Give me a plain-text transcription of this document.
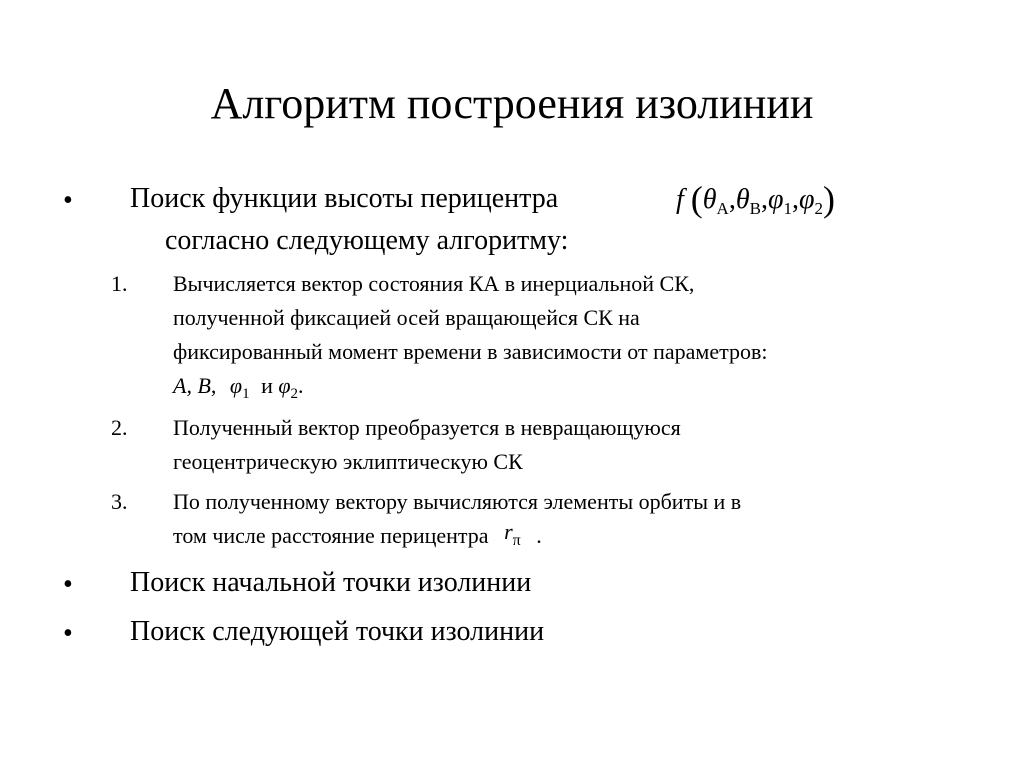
Алгоритм построения изолинии
• Поиск функции высоты перицентра	f $(\theta_A,\theta_B,\varphi_1,\varphi_2)$
согласно следующему алгоритму:
1. Вычисляется вектор состояния КА в инерциальной СК,
полученной фиксацией осей вращающейся СК на
фиксированный момент времени в зависимости от параметров:
A, B, $\varphi_1$ и $\varphi_2$.
2. Полученный вектор преобразуется в невращающуюся
геоцентрическую эклиптическую СК
3. По полученному вектору вычисляются элементы орбиты и в
том числе расстояние перицентра rπ .
• Поиск начальной точки изолинии
• Поиск следующей точки изолинии
